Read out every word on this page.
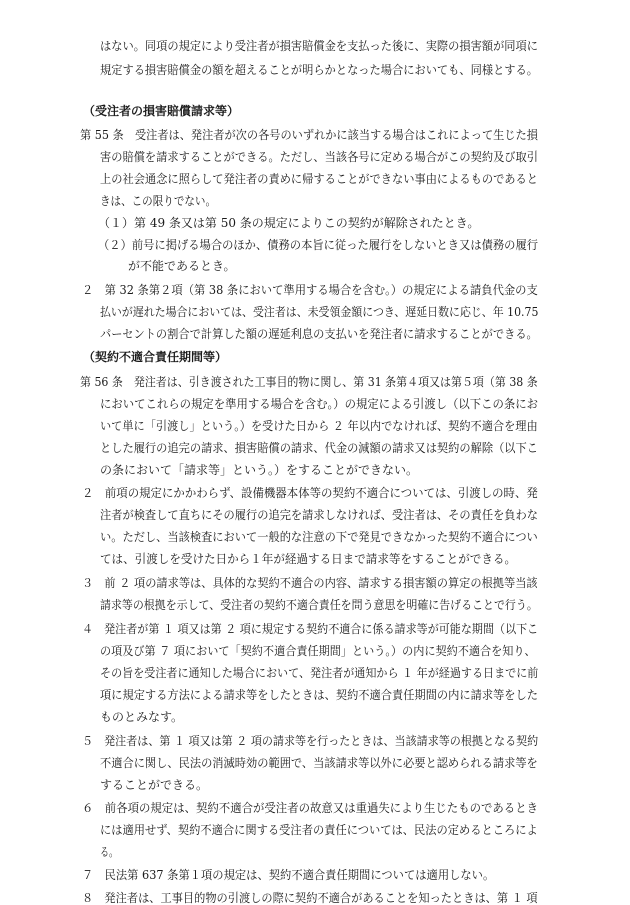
はない。同項の規定により受注者が損害賠償金を支払った後に、実際の損害額が同項に
規定する損害賠償金の額を超えることが明らかとなった場合においても、同様とする。
（受注者の損害賠償請求等）
第 55 条　受注者は、発注者が次の各号のいずれかに該当する場合はこれによって生じた損
害の賠償を請求することができる。ただし、当該各号に定める場合がこの契約及び取引
上の社会通念に照らして発注者の責めに帰することができない事由によるものであると
きは、この限りでない。
（１）第 49 条又は第 50 条の規定によりこの契約が解除されたとき。
（２）前号に掲げる場合のほか、債務の本旨に従った履行をしないとき又は債務の履行
が不能であるとき。
２　第 32 条第２項（第 38 条において準用する場合を含む。）の規定による請負代金の支
払いが遅れた場合においては、受注者は、未受領金額につき、遅延日数に応じ、年 10.75
パーセントの割合で計算した額の遅延利息の支払いを発注者に請求することができる。
（契約不適合責任期間等）
第 56 条　発注者は、引き渡された工事目的物に関し、第 31 条第４項又は第５項（第 38 条
においてこれらの規定を準用する場合を含む。）の規定による引渡し（以下この条にお
いて単に「引渡し」という。）を受けた日から ２ 年以内でなければ、契約不適合を理由
とした履行の追完の請求、損害賠償の請求、代金の減額の請求又は契約の解除（以下こ
の条において「請求等」という。）をすることができない。
２　前項の規定にかかわらず、設備機器本体等の契約不適合については、引渡しの時、発
注者が検査して直ちにその履行の追完を請求しなければ、受注者は、その責任を負わな
い。ただし、当該検査において一般的な注意の下で発見できなかった契約不適合につい
ては、引渡しを受けた日から１年が経過する日まで請求等をすることができる。
３　前 ２ 項の請求等は、具体的な契約不適合の内容、請求する損害額の算定の根拠等当該
請求等の根拠を示して、受注者の契約不適合責任を問う意思を明確に告げることで行う。
４　発注者が第 １ 項又は第 ２ 項に規定する契約不適合に係る請求等が可能な期間（以下こ
の項及び第 ７ 項において「契約不適合責任期間」という。）の内に契約不適合を知り、
その旨を受注者に通知した場合において、発注者が通知から １ 年が経過する日までに前
項に規定する方法による請求等をしたときは、契約不適合責任期間の内に請求等をした
ものとみなす。
５　発注者は、第 １ 項又は第 ２ 項の請求等を行ったときは、当該請求等の根拠となる契約
不適合に関し、民法の消滅時効の範囲で、当該請求等以外に必要と認められる請求等を
することができる。
６　前各項の規定は、契約不適合が受注者の故意又は重過失により生じたものであるとき
には適用せず、契約不適合に関する受注者の責任については、民法の定めるところによ
る。
７　民法第 637 条第１項の規定は、契約不適合責任期間については適用しない。
８　発注者は、工事目的物の引渡しの際に契約不適合があることを知ったときは、第 １ 項
